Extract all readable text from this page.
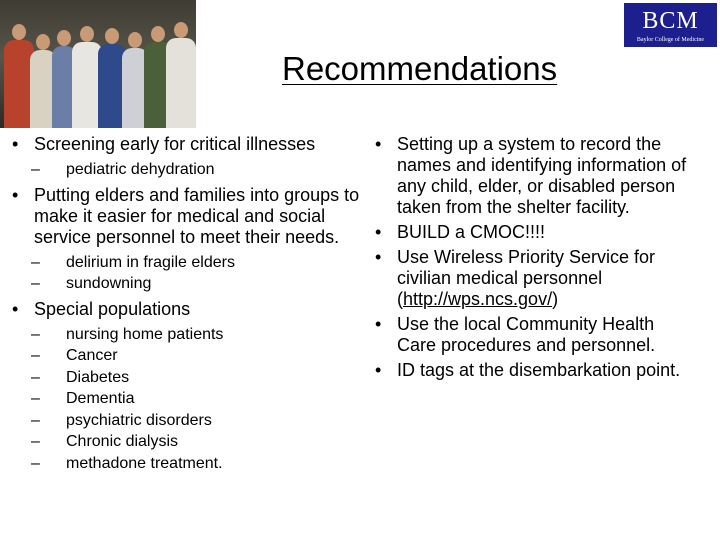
BCM
Baylor College of Medicine
Recommendations
• Screening early for critical illnesses
– pediatric dehydration
• Putting elders and families into groups to make it easier for medical and social service personnel to meet their needs.
– delirium in fragile elders
– sundowning
• Special populations
– nursing home patients
– Cancer
– Diabetes
– Dementia
– psychiatric disorders
– Chronic dialysis
– methadone treatment.
• Setting up a system to record the names and identifying information of any child, elder, or disabled person taken from the shelter facility.
• BUILD a CMOC!!!!
• Use Wireless Priority Service for civilian medical personnel (http://wps.ncs.gov/)
• Use the local Community Health Care procedures and personnel.
• ID tags at the disembarkation point.
